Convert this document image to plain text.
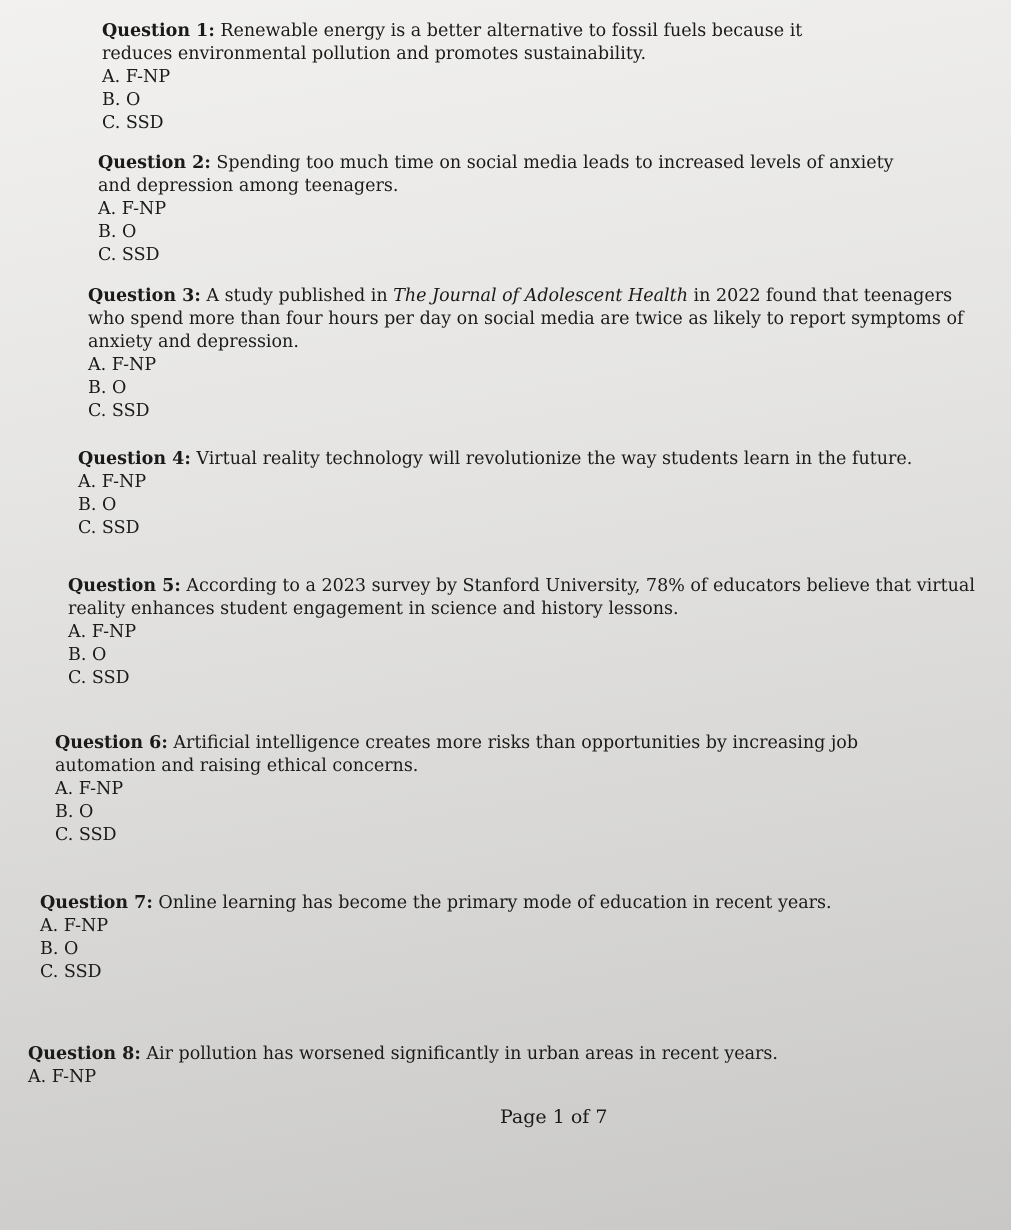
Question 1: Renewable energy is a better alternative to fossil fuels because it reduces environmental pollution and promotes sustainability.

A. F-NP

B. O

C. SSD

Question 2: Spending too much time on social media leads to increased levels of anxiety and depression among teenagers.

A. F-NP

B. O

C. SSD

Question 3: A study published in The Journal of Adolescent Health in 2022 found that teenagers who spend more than four hours per day on social media are twice as likely to report symptoms of anxiety and depression.

A. F-NP

B. O

C. SSD

Question 4: Virtual reality technology will revolutionize the way students learn in the future.

A. F-NP

B. O

C. SSD

Question 5: According to a 2023 survey by Stanford University, 78% of educators believe that virtual reality enhances student engagement in science and history lessons.

A. F-NP

B. O

C. SSD

Question 6: Artificial intelligence creates more risks than opportunities by increasing job automation and raising ethical concerns.

A. F-NP

B. O

C. SSD

Question 7: Online learning has become the primary mode of education in recent years.

A. F-NP

B. O

C. SSD

Question 8: Air pollution has worsened significantly in urban areas in recent years.

A. F-NP

Page 1 of 7
